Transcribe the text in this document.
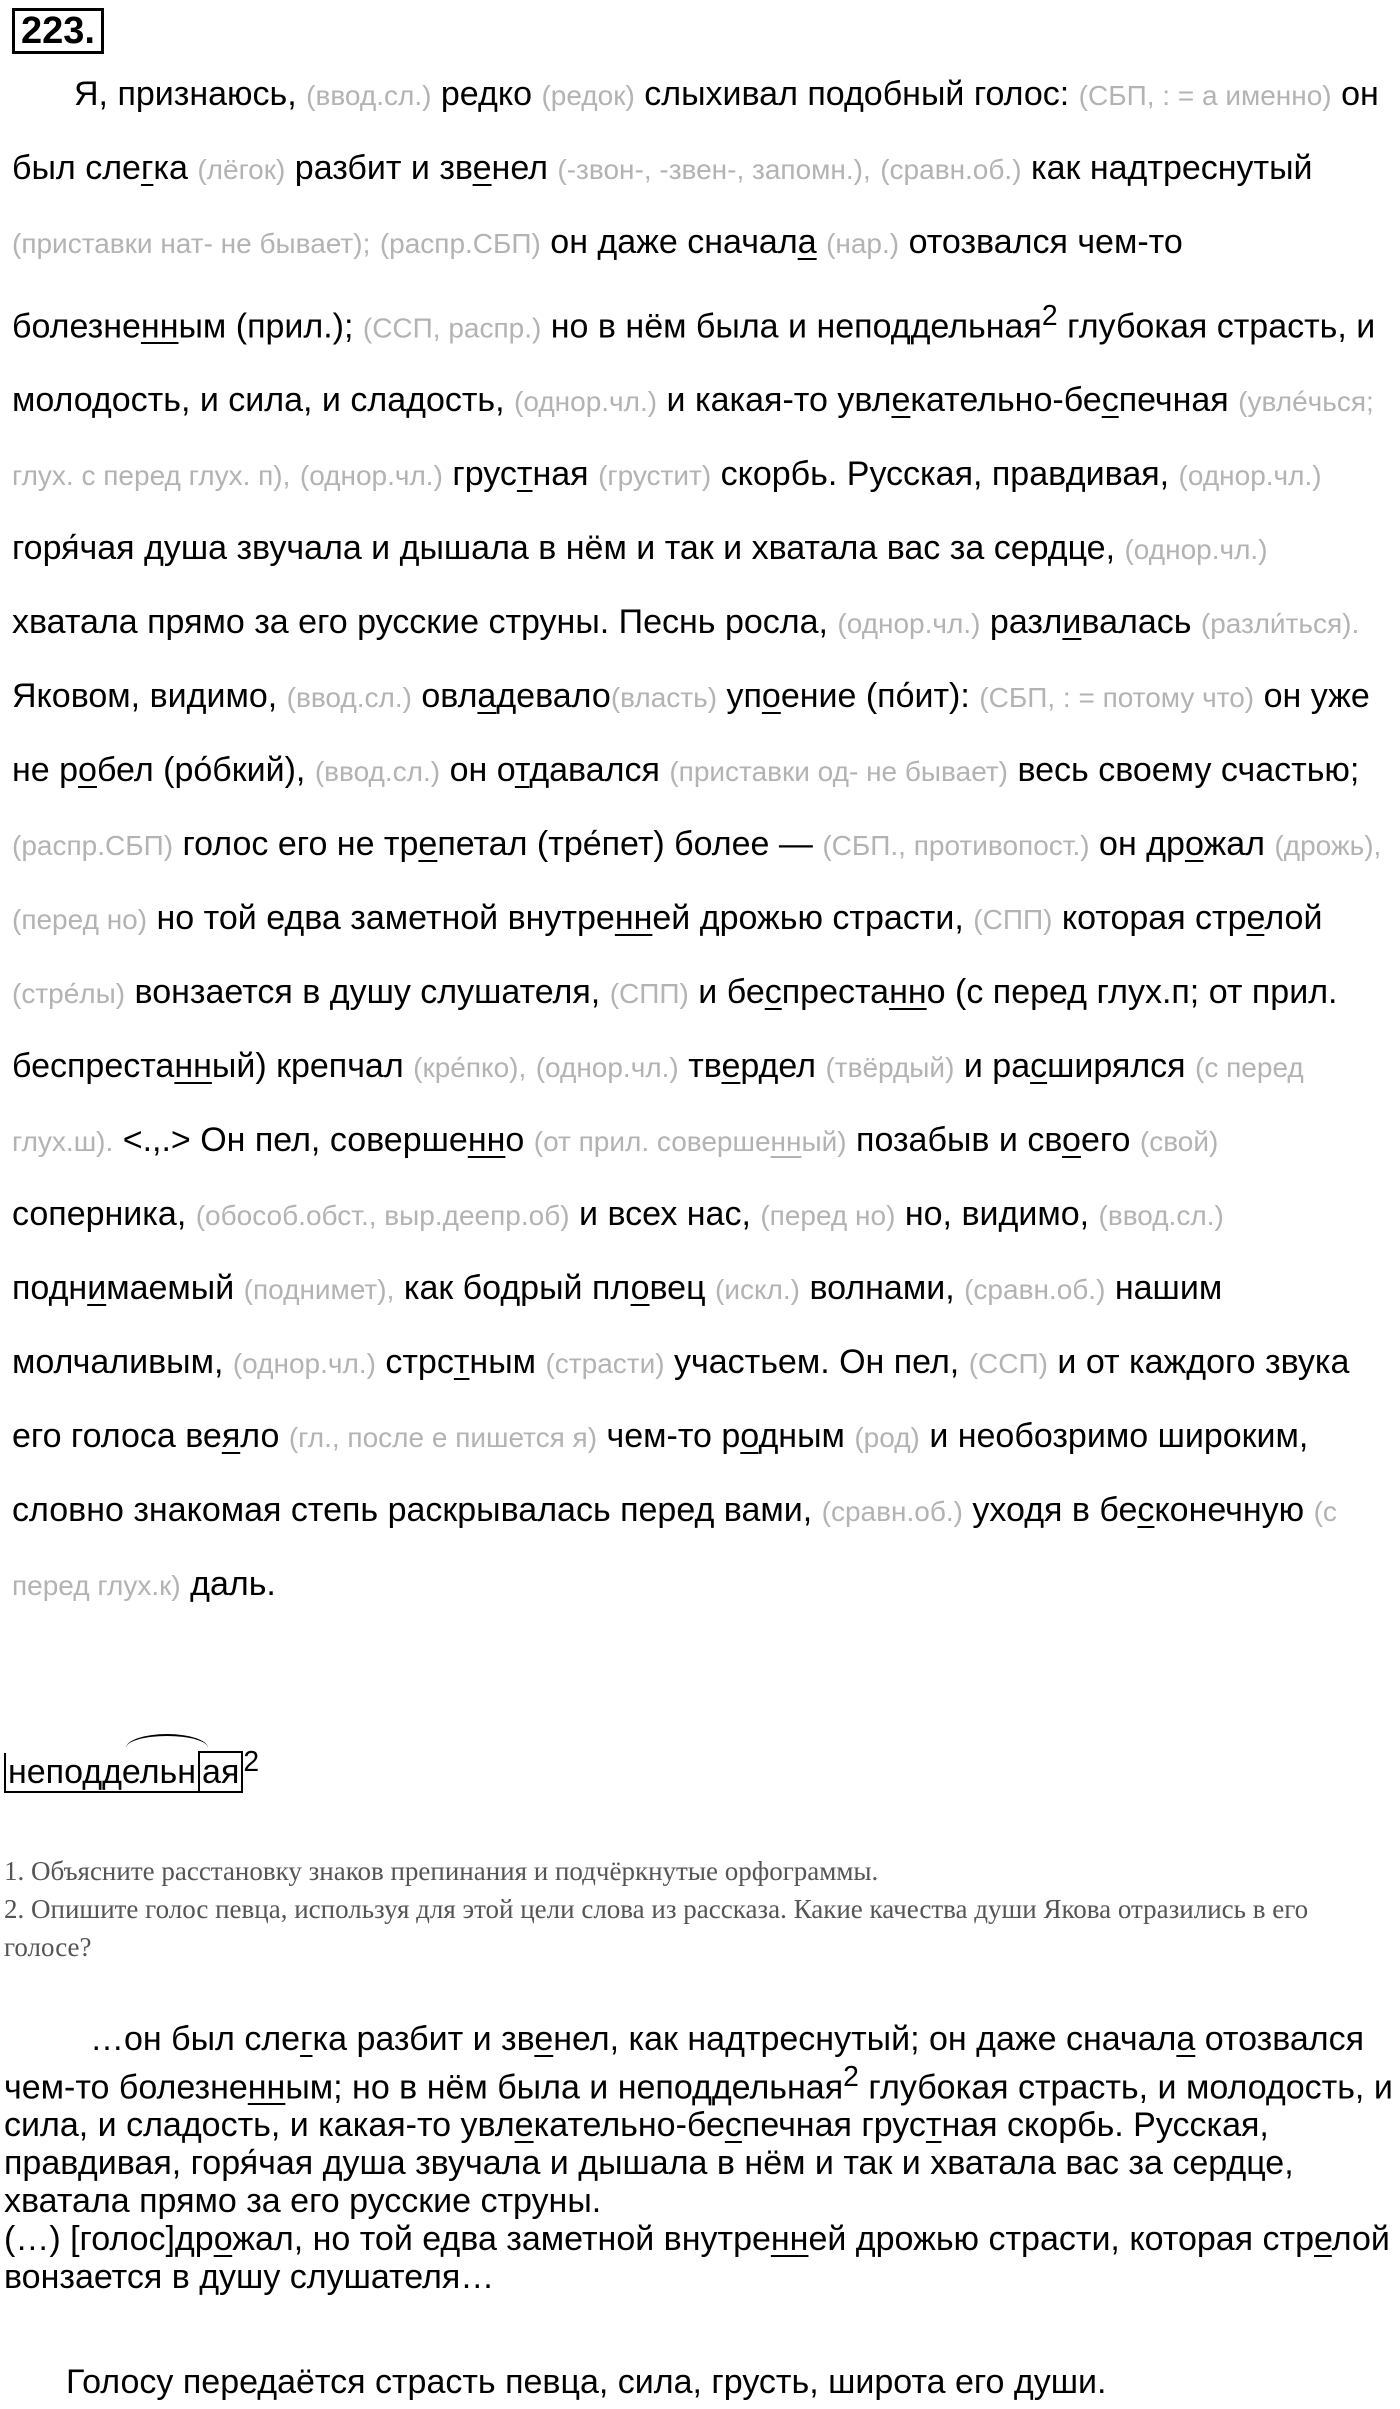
223.
Я, признаюсь, (ввод.сл.) редко (редок) слыхивал подобный голос: (СБП, : = а именно) он был слегка (лёгок) разбит и звенел (-звон-, -звен-, запомн.), (сравн.об.) как надтреснутый (приставки нат- не бывает); (распр.СБП) он даже сначала (нар.) отозвался чем-то болезненным (прил.); (ССП, распр.) но в нём была и неподдельная$^2$ глубокая страсть, и молодость, и сила, и сладость, (однор.чл.) и какая-то увлекательно-беспечная (увлéчься; глух. с перед глух. п), (однор.чл.) грустная (грустит) скорбь. Русская, правдивая, (однор.чл.) горя́чая душа звучала и дышала в нём и так и хватала вас за сердце, (однор.чл.) хватала прямо за его русские струны. Песнь росла, (однор.чл.) разливалась (разли́ться). Яковом, видимо, (ввод.сл.) овладевало(власть) упоение (по́ит): (СБП, : = потому что) он уже не робел (ро́бкий), (ввод.сл.) он отдавался (приставки од- не бывает) весь своему счастью; (распр.СБП) голос его не трепетал (тре́пет) более — (СБП., противопост.) он дрожал (дрожь), (перед но) но той едва заметной внутренней дрожью страсти, (СПП) которая стрелой (стре́лы) вонзается в душу слушателя, (СПП) и беспрестанно (с перед глух.п; от прил. беспрестанный) крепчал (кре́пко), (однор.чл.) твердел (твёрдый) и расширялся (с перед глух.ш). <.,.> Он пел, совершенно (от прил. совершенный) позабыв и своего (свой) соперника, (обособ.обст., выр.деепр.об) и всех нас, (перед но) но, видимо, (ввод.сл.) поднимаемый (поднимет), как бодрый пловец (искл.) волнами, (сравн.об.) нашим молчаливым, (однор.чл.) стрстным (страсти) участьем. Он пел, (ССП) и от каждого звука его голоса веяло (гл., после е пишется я) чем-то родным (род) и необозримо широким, словно знакомая степь раскрывалась перед вами, (сравн.об.) уходя в бесконечную (с перед глух.к) даль.
неподдельн ая $^2$
1. Объясните расстановку знаков препинания и подчёркнутые орфограммы.
2. Опишите голос певца, используя для этой цели слова из рассказа. Какие качества души Якова отразились в его голосе?

…он был слегка разбит и звенел, как надтреснутый; он даже сначала отозвался чем-то болезненным; но в нём была и неподдельная$^2$ глубокая страсть, и молодость, и сила, и сладость, и какая-то увлекательно-беспечная грустная скорбь. Русская, правдивая, горя́чая душа звучала и дышала в нём и так и хватала вас за сердце, хватала прямо за его русские струны.

(…) [голос]дрожал, но той едва заметной внутренней дрожью страсти, которая стрелой вонзается в душу слушателя…

Голосу передаётся страсть певца, сила, грусть, широта его души.
